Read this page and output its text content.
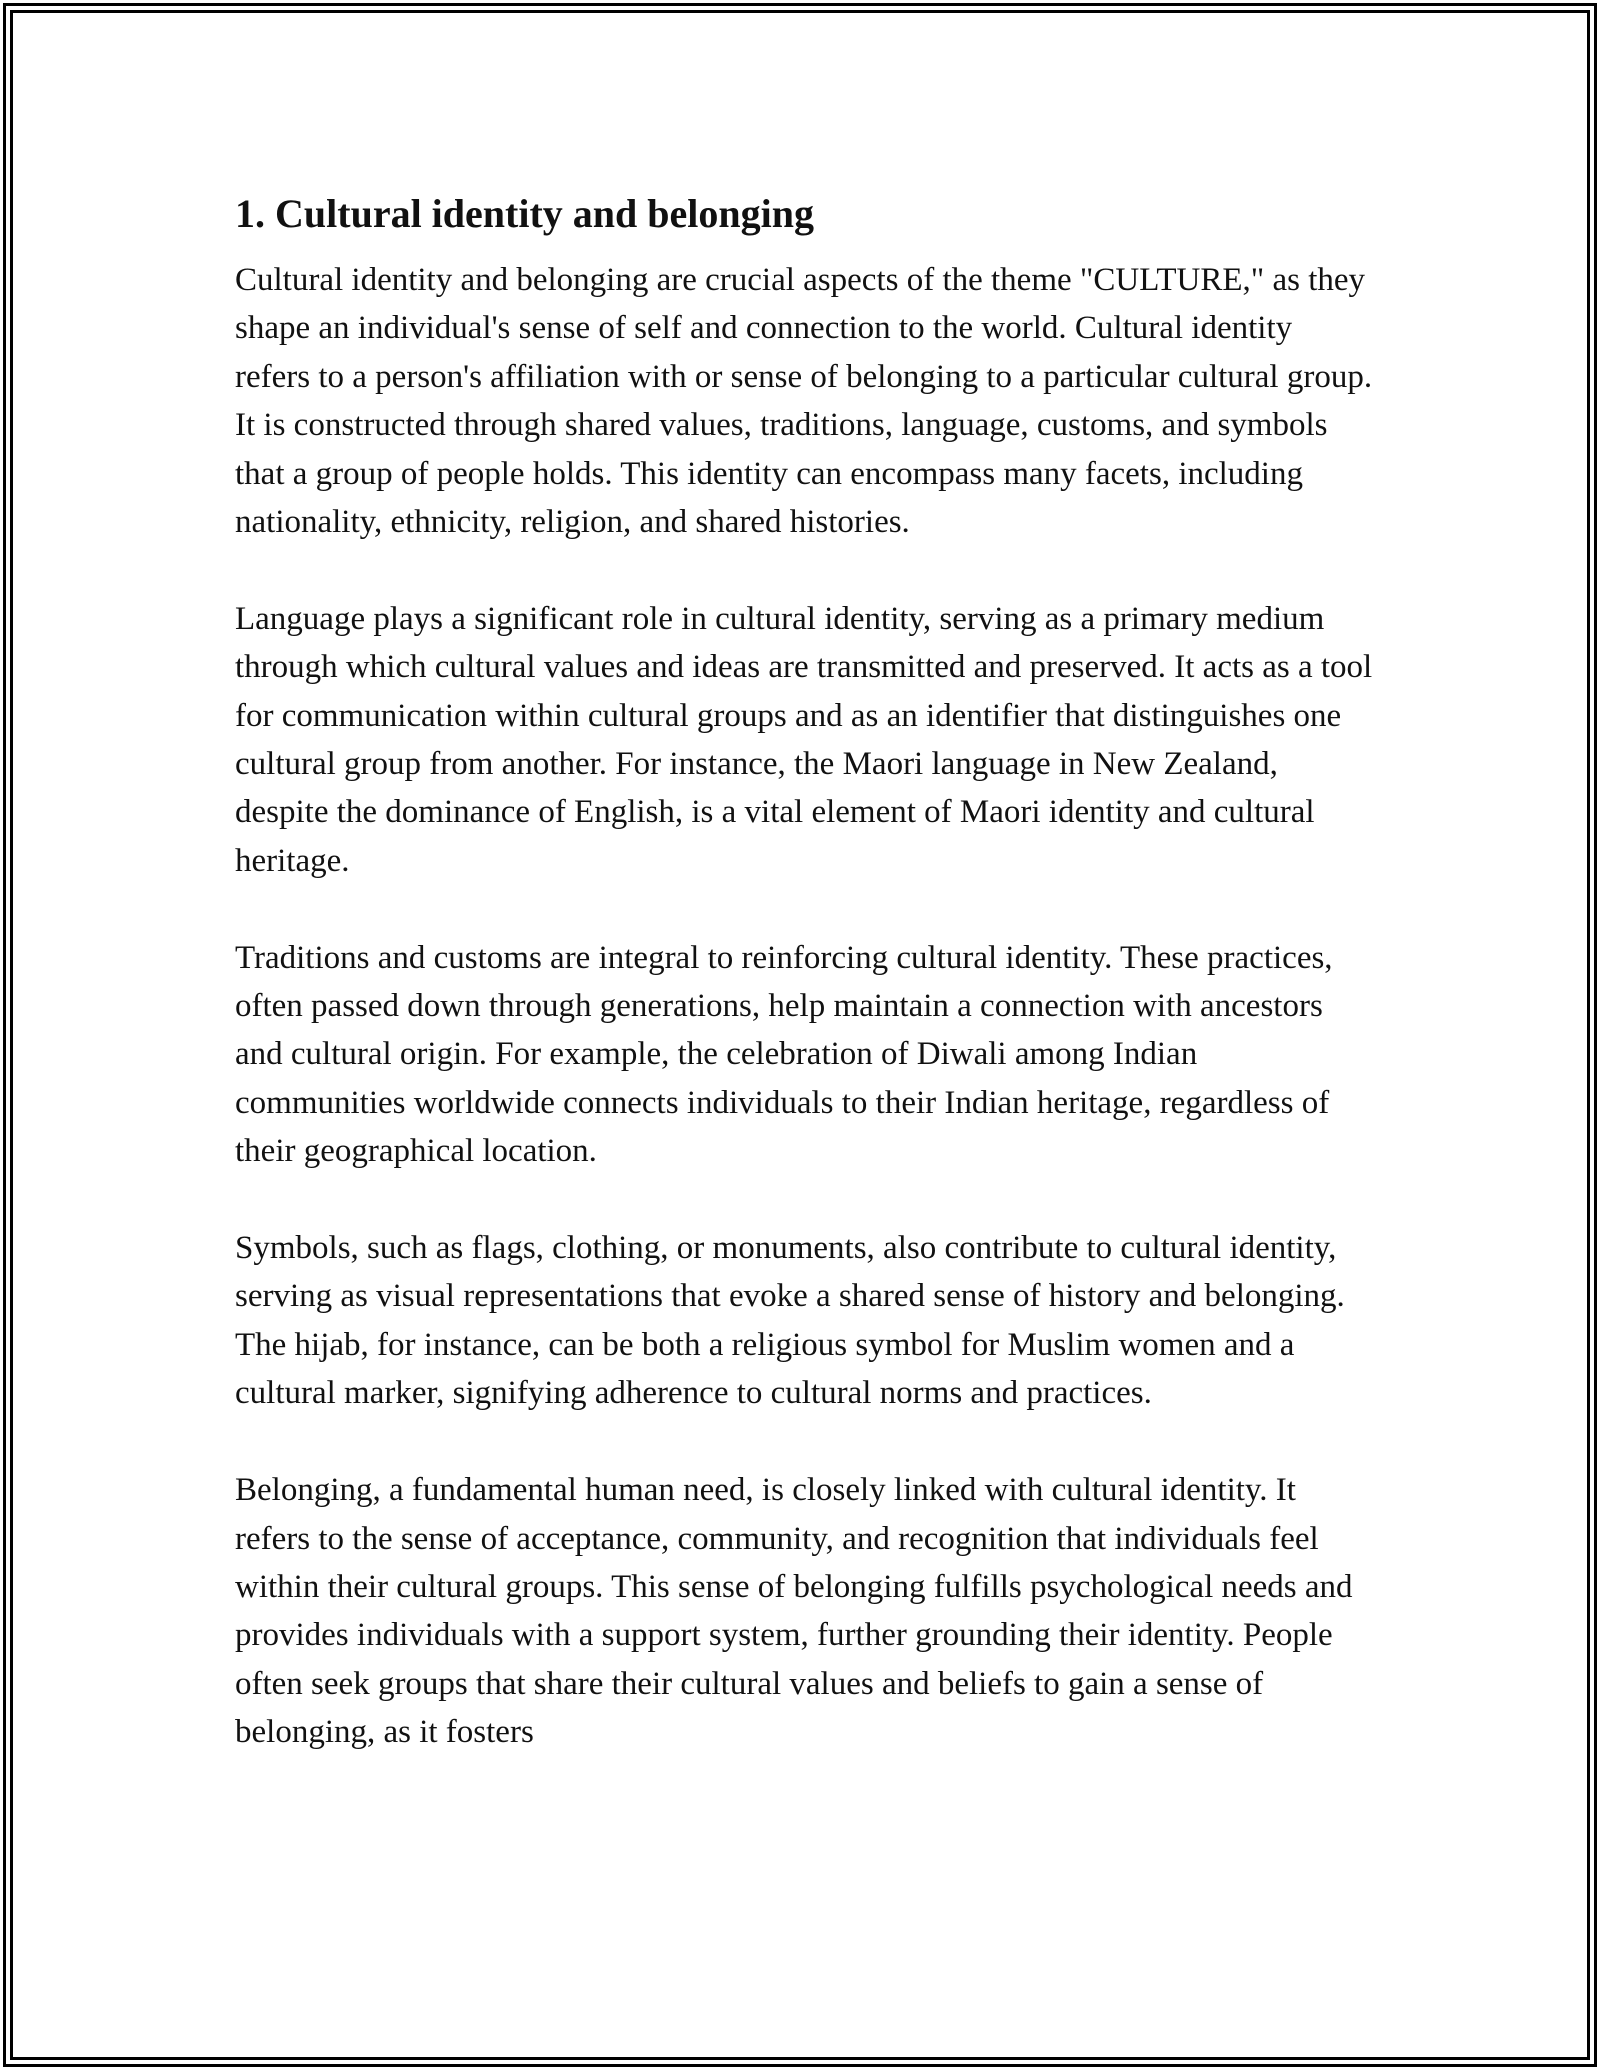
1. Cultural identity and belonging

Cultural identity and belonging are crucial aspects of the theme "CULTURE," as they shape an individual's sense of self and connection to the world. Cultural identity refers to a person's affiliation with or sense of belonging to a particular cultural group. It is constructed through shared values, traditions, language, customs, and symbols that a group of people holds. This identity can encompass many facets, including nationality, ethnicity, religion, and shared histories.

Language plays a significant role in cultural identity, serving as a primary medium through which cultural values and ideas are transmitted and preserved. It acts as a tool for communication within cultural groups and as an identifier that distinguishes one cultural group from another. For instance, the Maori language in New Zealand, despite the dominance of English, is a vital element of Maori identity and cultural heritage.

Traditions and customs are integral to reinforcing cultural identity. These practices, often passed down through generations, help maintain a connection with ancestors and cultural origin. For example, the celebration of Diwali among Indian communities worldwide connects individuals to their Indian heritage, regardless of their geographical location.

Symbols, such as flags, clothing, or monuments, also contribute to cultural identity, serving as visual representations that evoke a shared sense of history and belonging. The hijab, for instance, can be both a religious symbol for Muslim women and a cultural marker, signifying adherence to cultural norms and practices.

Belonging, a fundamental human need, is closely linked with cultural identity. It refers to the sense of acceptance, community, and recognition that individuals feel within their cultural groups. This sense of belonging fulfills psychological needs and provides individuals with a support system, further grounding their identity. People often seek groups that share their cultural values and beliefs to gain a sense of belonging, as it fosters
